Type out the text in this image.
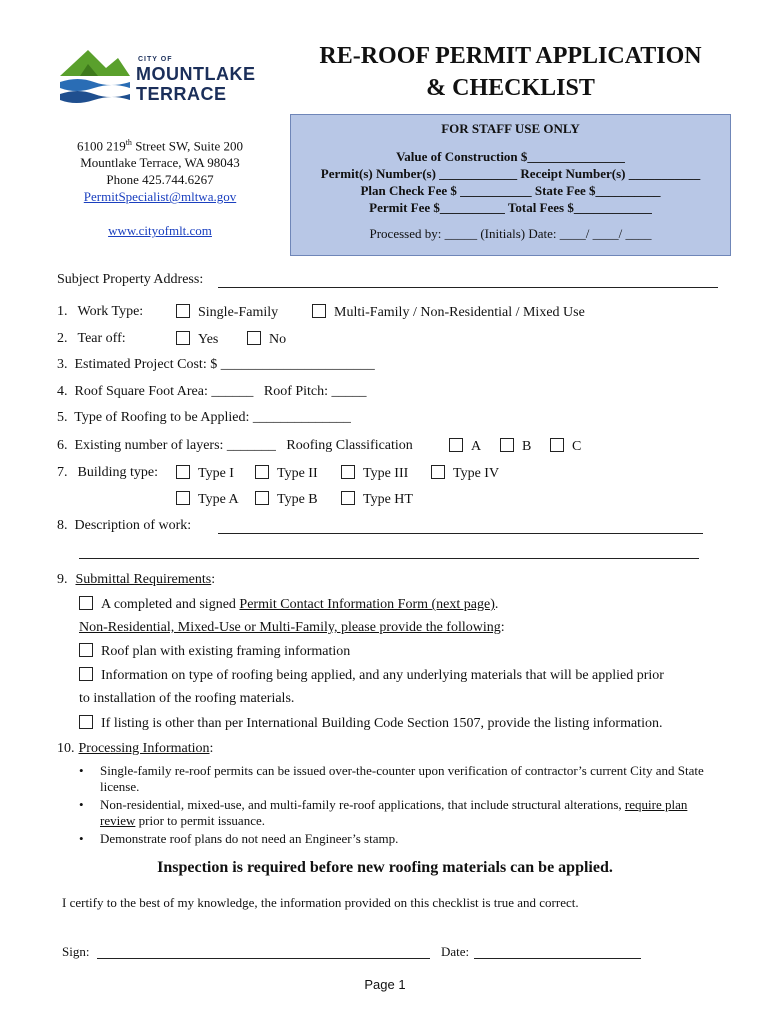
CITY OF
MOUNTLAKE
TERRACE
RE-ROOF PERMIT APPLICATION
& CHECKLIST
6100 219th Street SW, Suite 200
Mountlake Terrace, WA 98043
Phone 425.744.6267
PermitSpecialist@mltwa.gov
www.cityofmlt.com
FOR STAFF USE ONLY
Value of Construction $_______________
Permit(s) Number(s) ____________ Receipt Number(s) ___________
Plan Check Fee $ ___________ State Fee $__________
Permit Fee $__________ Total Fees $____________
Processed by: _____ (Initials) Date: ____/ ____/ ____
Subject Property Address:
1. Work Type:	Single-Family	Multi-Family / Non-Residential / Mixed Use
2. Tear off:	Yes	No
3.  Estimated Project Cost: $ ______________________
4.  Roof Square Foot Area: ______   Roof Pitch: _____
5.  Type of Roofing to be Applied: ______________
6.  Existing number of layers: _______   Roofing Classification	A	B	C
7. Building type:	Type I	Type II	Type III	Type IV
Type A	Type B	Type HT
8.  Description of work:
9. Submittal Requirements:
A completed and signed Permit Contact Information Form (next page).
Non-Residential, Mixed-Use or Multi-Family, please provide the following:
Roof plan with existing framing information
Information on type of roofing being applied, and any underlying materials that will be applied prior
to installation of the roofing materials.
If listing is other than per International Building Code Section 1507, provide the listing information.
10. Processing Information:
• Single-family re-roof permits can be issued over-the-counter upon verification of contractor’s current City and State license.
• Non-residential, mixed-use, and multi-family re-roof applications, that include structural alterations, require plan review prior to permit issuance.
• Demonstrate roof plans do not need an Engineer’s stamp.
Inspection is required before new roofing materials can be applied.
I certify to the best of my knowledge, the information provided on this checklist is true and correct.
Sign:	Date:
Page 1
